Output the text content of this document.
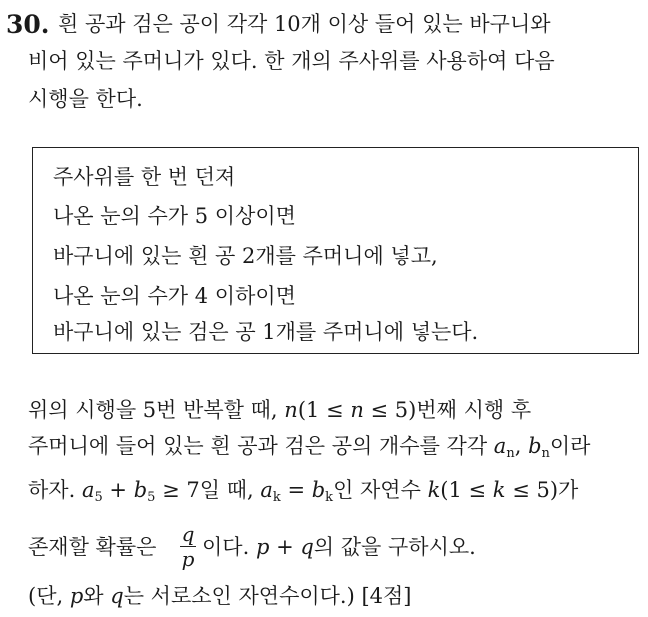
30. 흰 공과 검은 공이 각각 10개 이상 들어 있는 바구니와
비어 있는 주머니가 있다. 한 개의 주사위를 사용하여 다음
시행을 한다.
주사위를 한 번 던져
나온 눈의 수가 5 이상이면
바구니에 있는 흰 공 2개를 주머니에 넣고,
나온 눈의 수가 4 이하이면
바구니에 있는 검은 공 1개를 주머니에 넣는다.
위의 시행을 5번 반복할 때, n(1 ≤ n ≤ 5)번째 시행 후
주머니에 들어 있는 흰 공과 검은 공의 개수를 각각 $a_n$, $b_n$이라
하자. $a_5 + b_5 \ge 7$일 때, $a_k = b_k$인 자연수 k(1 ≤ k ≤ 5)가
존재할 확률은
q
p 이다. p + q의 값을 구하시오.
(단, p와 q는 서로소인 자연수이다.) [4점]
